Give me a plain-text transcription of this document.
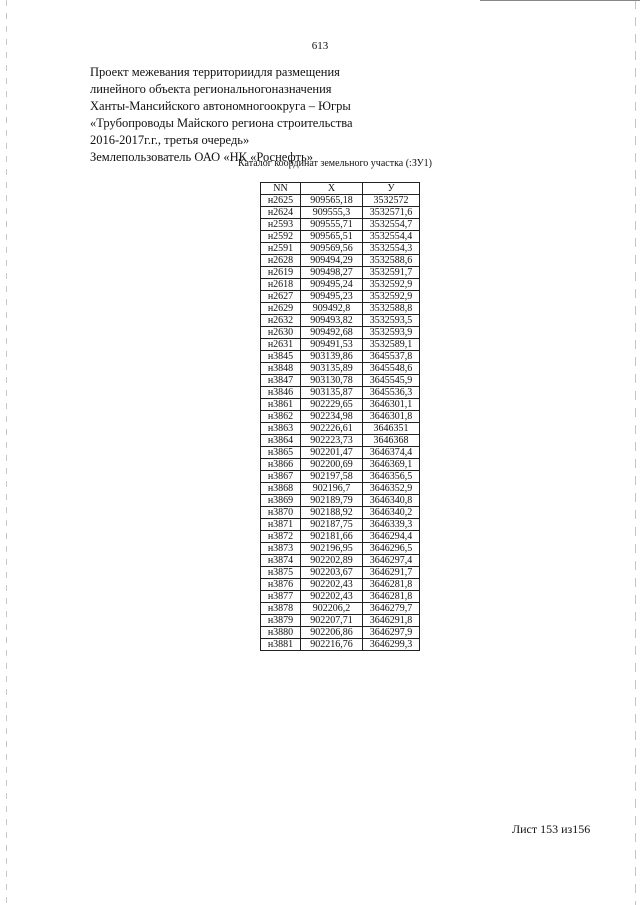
613
Проект межевания территориидля размещения
линейного объекта региональногоназначения
Ханты-Мансийского автономногоокруга – Югры
«Трубопроводы Майского региона строительства
2016-2017г.г., третья очередь»
Землепользователь ОАО «НК «Роснефть»
Каталог координат земельного участка (:ЗУ1)
NN	X	У
н2625	909565,18	3532572
н2624	909555,3	3532571,6
н2593	909555,71	3532554,7
н2592	909565,51	3532554,4
н2591	909569,56	3532554,3
н2628	909494,29	3532588,6
н2619	909498,27	3532591,7
н2618	909495,24	3532592,9
н2627	909495,23	3532592,9
н2629	909492,8	3532588,8
н2632	909493,82	3532593,5
н2630	909492,68	3532593,9
н2631	909491,53	3532589,1
н3845	903139,86	3645537,8
н3848	903135,89	3645548,6
н3847	903130,78	3645545,9
н3846	903135,87	3645536,3
н3861	902229,65	3646301,1
н3862	902234,98	3646301,8
н3863	902226,61	3646351
н3864	902223,73	3646368
н3865	902201,47	3646374,4
н3866	902200,69	3646369,1
н3867	902197,58	3646356,5
н3868	902196,7	3646352,9
н3869	902189,79	3646340,8
н3870	902188,92	3646340,2
н3871	902187,75	3646339,3
н3872	902181,66	3646294,4
н3873	902196,95	3646296,5
н3874	902202,89	3646297,4
н3875	902203,67	3646291,7
н3876	902202,43	3646281,8
н3877	902202,43	3646281,8
н3878	902206,2	3646279,7
н3879	902207,71	3646291,8
н3880	902206,86	3646297,9
н3881	902216,76	3646299,3
Лист 153 из156
